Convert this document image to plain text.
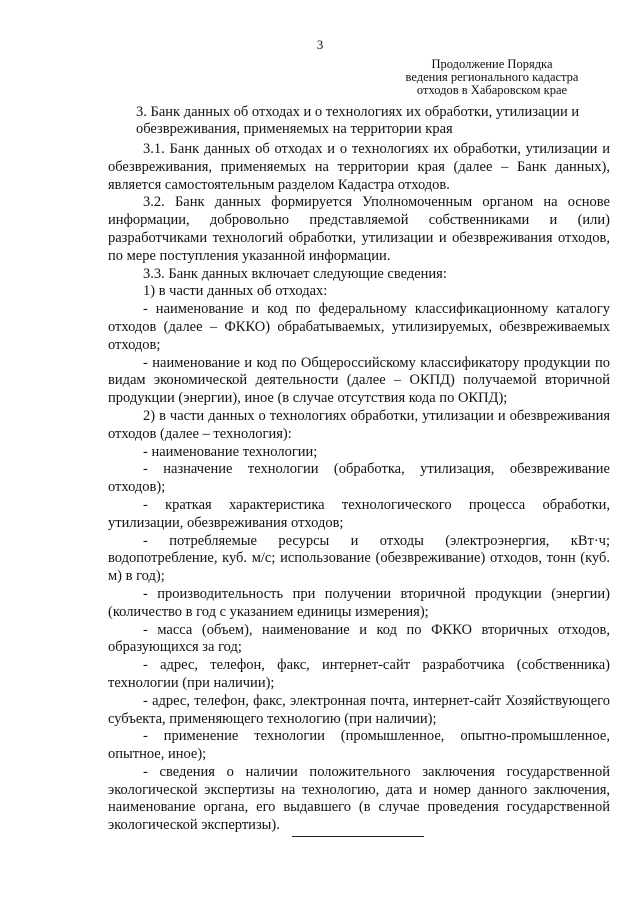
3
Продолжение Порядка
ведения регионального кадастра
отходов в Хабаровском крае
3. Банк данных об отходах и о технологиях их обработки, утилизации и обезвреживания, применяемых на территории края

3.1. Банк данных об отходах и о технологиях их обработки, утилизации и обезвреживания, применяемых на территории края (далее – Банк данных), является самостоятельным разделом Кадастра отходов.

3.2. Банк данных формируется Уполномоченным органом на основе информации, добровольно представляемой собственниками и (или) разработчиками технологий обработки, утилизации и обезвреживания отходов, по мере поступления указанной информации.

3.3. Банк данных включает следующие сведения:

1) в части данных об отходах:

- наименование и код по федеральному классификационному каталогу отходов (далее – ФККО) обрабатываемых, утилизируемых, обезвреживаемых отходов;

- наименование и код по Общероссийскому классификатору продукции по видам экономической деятельности (далее – ОКПД) получаемой вторичной продукции (энергии), иное (в случае отсутствия кода по ОКПД);

2) в части данных о технологиях обработки, утилизации и обезвреживания отходов (далее – технология):

- наименование технологии;

- назначение технологии (обработка, утилизация, обезвреживание отходов);

- краткая характеристика технологического процесса обработки, утилизации, обезвреживания отходов;

- потребляемые ресурсы и отходы (электроэнергия, кВт·ч; водопотребление, куб. м/с; использование (обезвреживание) отходов, тонн (куб. м) в год);

- производительность при получении вторичной продукции (энергии) (количество в год с указанием единицы измерения);

- масса (объем), наименование и код по ФККО вторичных отходов, образующихся за год;

- адрес, телефон, факс, интернет-сайт разработчика (собственника) технологии (при наличии);

- адрес, телефон, факс, электронная почта, интернет-сайт Хозяйствующего субъекта, применяющего технологию (при наличии);

- применение технологии (промышленное, опытно-промышленное, опытное, иное);

- сведения о наличии положительного заключения государственной экологической экспертизы на технологию, дата и номер данного заключения, наименование органа, его выдавшего (в случае проведения государственной экологической экспертизы).
